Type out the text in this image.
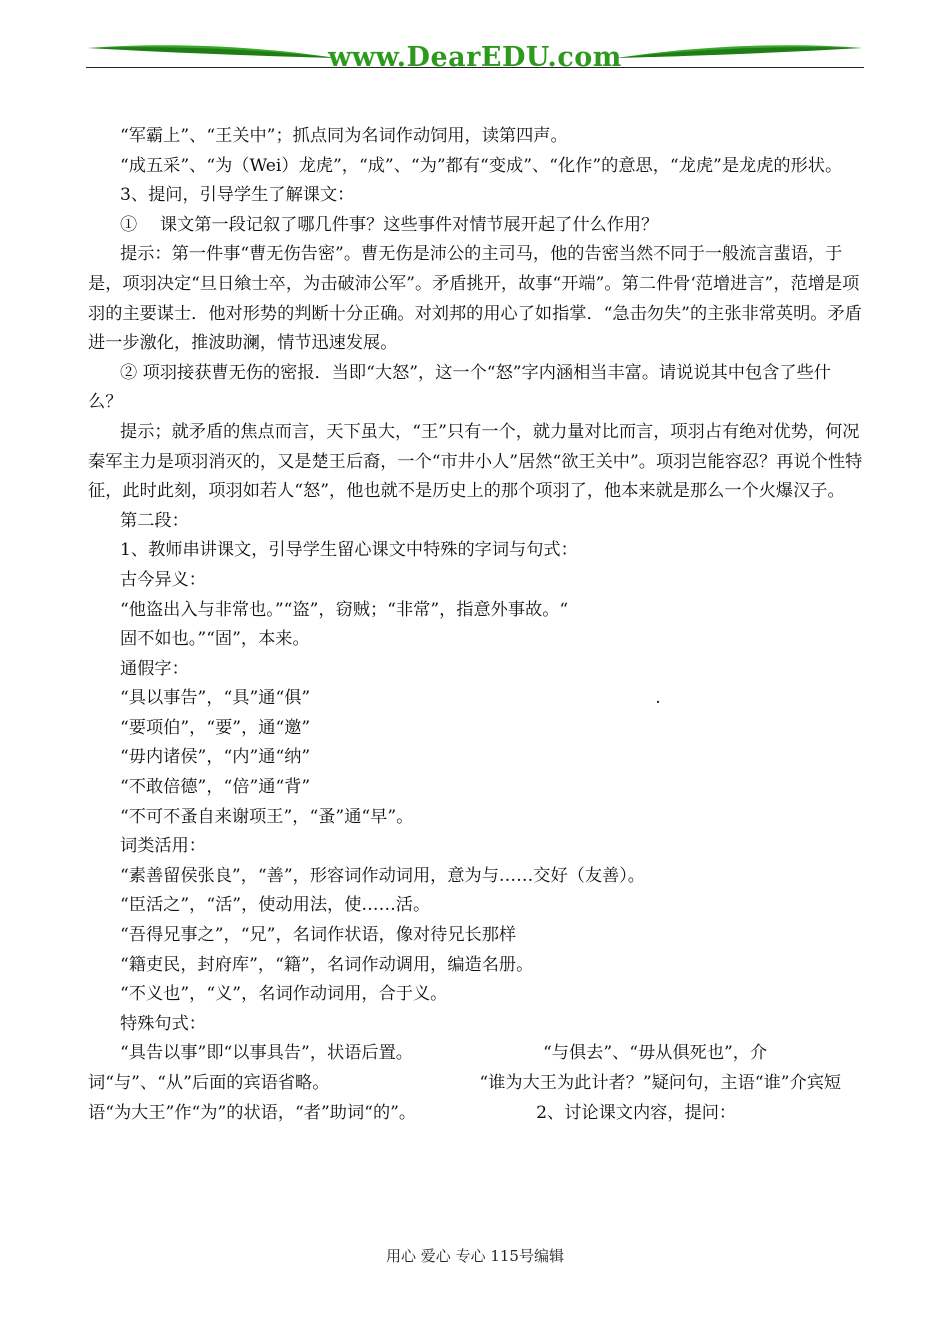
www.DearEDU.com

“军霸上”、“王关中”；抓点同为名词作动饲用，读第四声。

“成五采”、“为（Wei）龙虎”，“成”、“为”都有“变成”、“化作”的意思，“龙虎”是龙虎的形状。

3、提问，引导学生了解课文：

①　 课文第一段记叙了哪几件事？这些事件对情节展开起了什么作用？

提示：第一件事“曹无伤告密”。曹无伤是沛公的主司马，他的告密当然不同于一般流言蜚语，于是，项羽决定“旦日飨士卒，为击破沛公军”。矛盾挑开，故事“开端”。第二件骨‘范增进言”，范增是项羽的主要谋士．他对形势的判断十分正确。对刘邦的用心了如指掌．“急击勿失”的主张非常英明。矛盾进一步激化，推波助澜，情节迅速发展。

② 项羽接获曹无伤的密报．当即“大怒”，这一个“怒”字内涵相当丰富。请说说其中包含了些什么？

提示；就矛盾的焦点而言，天下虽大，“王”只有一个，就力量对比而言，项羽占有绝对优势，何况秦军主力是项羽消灭的，又是楚王后裔，一个“市井小人”居然“欲王关中”。项羽岂能容忍？再说个性特征，此时此刻，项羽如若人“怒”，他也就不是历史上的那个项羽了，他本来就是那么一个火爆汉子。

第二段：

1、教师串讲课文，引导学生留心课文中特殊的字词与句式：

古今异义：

“他盗出入与非常也。”“盗”，窃贼；“非常”，指意外事故。“

固不如也。”“固”，本来。

通假字：

“具以事告”，“具”通“俱”	.

“要项伯”，“要”，通“邀”

“毋内诸侯”，“内”通“纳”

“不敢倍德”，“倍”通“背”

“不可不蚤自来谢项王”，“蚤”通“早”。

词类活用：

“素善留侯张良”，“善”，形容词作动词用，意为与……交好（友善）。

“臣活之”，“活”，使动用法，使……活。

“吾得兄事之”，“兄”，名词作状语，像对待兄长那样

“籍吏民，封府库”，“籍”，名词作动调用，编造名册。

“不义也”，“义”，名词作动词用，合于义。

特殊句式：

“具告以事”即“以事具告”，状语后置。	“与俱去”、“毋从俱死也”，介词“与”、“从”后面的宾语省略。	“谁为大王为此计者？”疑问句，主语“谁”介宾短语“为大王”作“为”的状语，“者”助词“的”。	2、讨论课文内容，提问：

用心 爱心 专心 115号编辑
